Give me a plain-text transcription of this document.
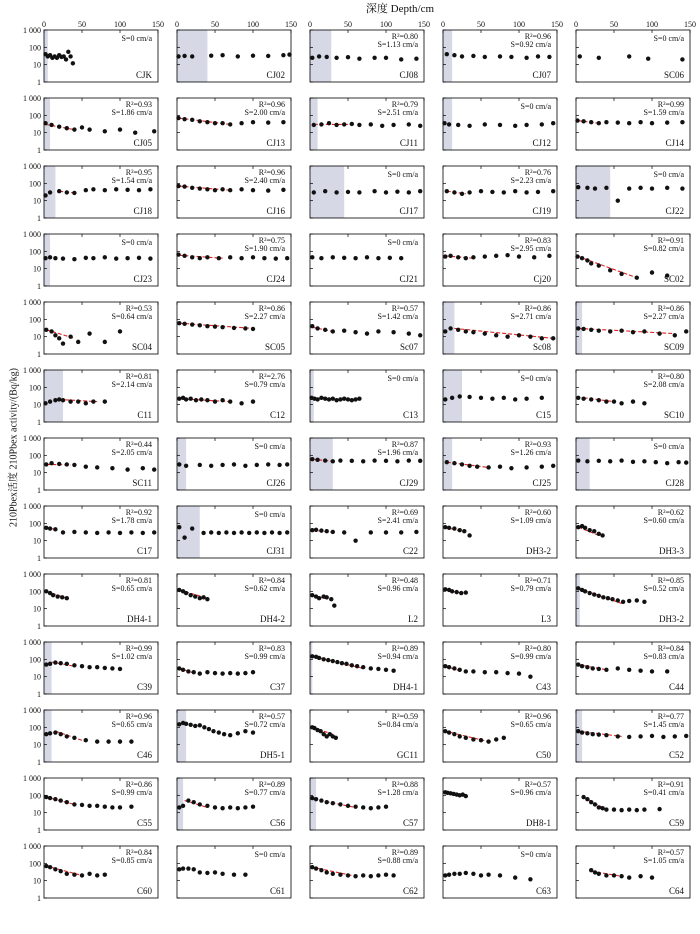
深度 Depth/cm
210Pbex活度 210Pbex activity/(Bq/kg)
1
10
100
1 000
0	50	100	150
S=0 cm/a
CJK
0	50	100	150
CJ02
0	50	100	150
R²=0.80
S=1.13 cm/a
CJ08
0	50	100	150
R²=0.96
S=0.92 cm/a
CJ07
0	50	100	150
S=0 cm/a
SC06
1
10
100
1 000
R²=0.93
S=1.86 cm/a
CJ05
R²=0.96
S=2.00 cm/a
CJ13
R²=0.79
S=2.51 cm/a
CJ11
S=0 cm/a
CJ12
R²=0.99
S=1.59 cm/a
CJ14
1
10
100
1 000
R²=0.95
S=1.54 cm/a
CJ18
R²=0.96
S=2.40 cm/a
CJ16
S=0 cm/a
CJ17
R²=0.76
S=2.23 cm/a
CJ19
S=0 cm/a
CJ22
1
10
100
1 000
S=0 cm/a
CJ23
R²=0.75
S=1.90 cm/a
CJ24
S=0 cm/a
CJ21
R²=0.83
S=2.95 cm/a
Cj20
R²=0.91
S=0.82 cm/a
SC02
1
10
100
1 000
R²=0.53
S=0.64 cm/a
SC04
R²=0.86
S=2.27 cm/a
SC05
R²=0.57
S=1.42 cm/a
Sc07
R²=0.86
S=2.71 cm/a
Sc08
R²=0.86
S=2.27 cm/a
SC09
1
10
100
1 000
R²=0.81
S=2.14 cm/a
C11
R²=2.76
S=0.79 cm/a
C12
S=0 cm/a
C13
S=0 cm/a
C15
R²=0.80
S=2.08 cm/a
SC10
1
10
100
1 000
R²=0.44
S=2.05 cm/a
SC11
S=0 cm/a
CJ26
R²=0.87
S=1.96 cm/a
CJ29
R²=0.93
S=1.26 cm/a
CJ25
S=0 cm/a
CJ28
1
10
100
1 000
R²=0.92
S=1.78 cm/a
C17
S=0 cm/a
CJ31
R²=0.69
S=2.41 cm/a
C22
R²=0.60
S=1.09 cm/a
DH3-2
R²=0.62
S=0.60 cm/a
DH3-3
1
10
100
1 000
R²=0.81
S=0.65 cm/a
DH4-1
R²=0.84
S=0.62 cm/a
DH4-2
R²=0.48
S=0.96 cm/a
L2
R²=0.71
S=0.79 cm/a
L3
R²=0.85
S=0.52 cm/a
DH3-2
1
10
100
1 000
R²=0.99
S=1.02 cm/a
C39
R²=0.83
S=0.99 cm/a
C37
R²=0.89
S=0.94 cm/a
DH4-1
R²=0.80
S=0.99 cm/a
C43
R²=0.84
S=0.83 cm/a
C44
1
10
100
1 000
R²=0.96
S=0.65 cm/a
C46
R²=0.57
S=0.72 cm/a
DH5-1
R²=0.59
S=0.84 cm/a
GC11
R²=0.96
S=0.65 cm/a
C50
R²=0.77
S=1.45 cm/a
C52
1
10
100
1 000
R²=0.86
S=0.99 cm/a
C55
R²=0.89
S=0.77 cm/a
C56
R²=0.88
S=1.28 cm/a
C57
R²=0.57
S=0.96 cm/a
DH8-1
R²=0.91
S=0.41 cm/a
C59
1
10
100
1 000
R²=0.84
S=0.85 cm/a
C60
S=0 cm/a
C61
R²=0.89
S=0.88 cm/a
C62
S=0 cm/a
C63
R²=0.57
S=1.05 cm/a
C64
